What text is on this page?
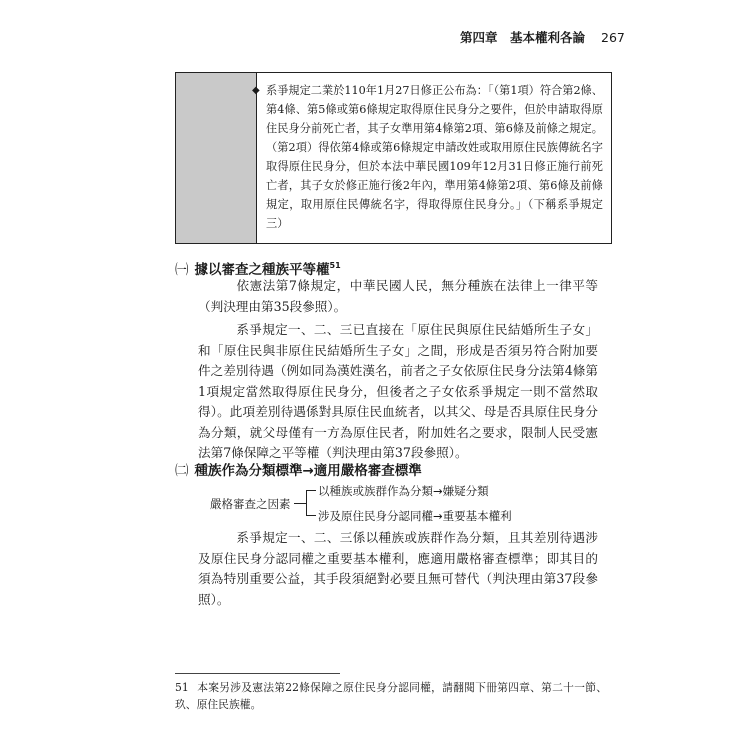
第四章　基本權利各論 267
◆ 系爭規定二業於110年1月27日修正公布為：「（第1項）符合第2條、第4條、第5條或第6條規定取得原住民身分之要件，但於申請取得原住民身分前死亡者，其子女準用第4條第2項、第6條及前條之規定。（第2項）得依第4條或第6條規定申請改姓或取用原住民族傳統名字取得原住民身分，但於本法中華民國109年12月31日修正施行前死亡者，其子女於修正施行後2年內，準用第4條第2項、第6條及前條規定，取用原住民傳統名字，得取得原住民身分。」（下稱系爭規定三）
㈠ 據以審查之種族平等權$^{51}$
依憲法第7條規定，中華民國人民，無分種族在法律上一律平等（判決理由第35段參照）。
系爭規定一、二、三已直接在「原住民與原住民結婚所生子女」和「原住民與非原住民結婚所生子女」之間，形成是否須另符合附加要件之差別待遇（例如同為漢姓漢名，前者之子女依原住民身分法第4條第1項規定當然取得原住民身分，但後者之子女依系爭規定一則不當然取得）。此項差別待遇係對具原住民血統者，以其父、母是否具原住民身分為分類，就父母僅有一方為原住民者，附加姓名之要求，限制人民受憲法第7條保障之平等權（判決理由第37段參照）。
㈡ 種族作為分類標準→適用嚴格審查標準
嚴格審查之因素
以種族或族群作為分類→嫌疑分類
涉及原住民身分認同權→重要基本權利
系爭規定一、二、三係以種族或族群作為分類，且其差別待遇涉及原住民身分認同權之重要基本權利，應適用嚴格審查標準；即其目的須為特別重要公益，其手段須絕對必要且無可替代（判決理由第37段參照）。
51 本案另涉及憲法第22條保障之原住民身分認同權，請翻閱下冊第四章、第二十一節、玖、原住民族權。
